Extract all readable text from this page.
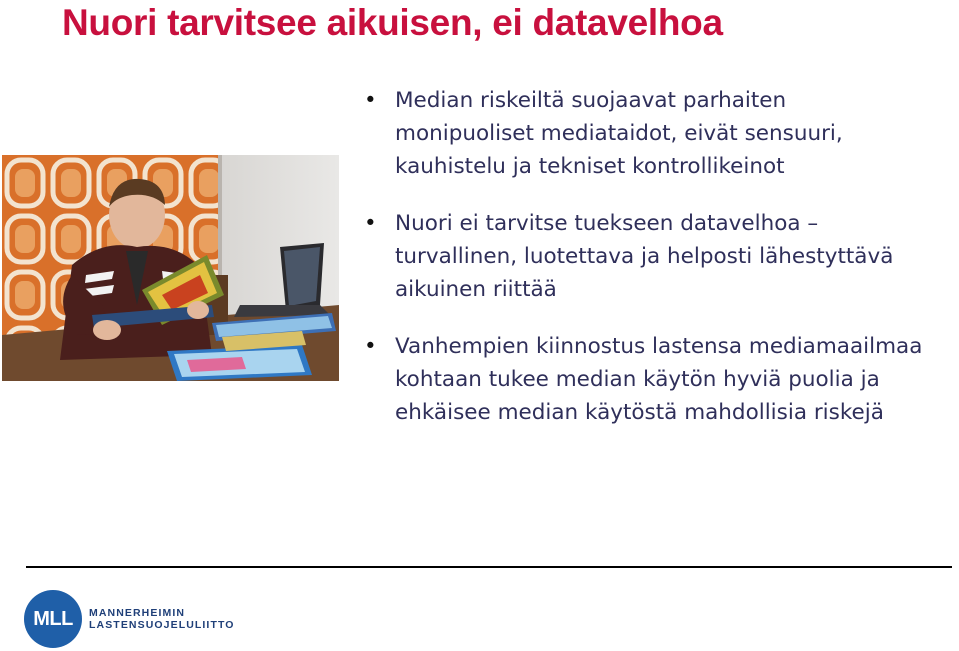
Nuori tarvitsee aikuisen, ei datavelhoa
• Median riskeiltä suojaavat parhaiten
monipuoliset mediataidot, eivät sensuuri,
kauhistelu ja tekniset kontrollikeinot
• Nuori ei tarvitse tuekseen datavelhoa –
turvallinen, luotettava ja helposti lähestyttävä
aikuinen riittää
• Vanhempien kiinnostus lastensa mediamaailmaa
kohtaan tukee median käytön hyviä puolia ja
ehkäisee median käytöstä mahdollisia riskejä
MLL	MANNERHEIMIN
LASTENSUOJELULIITTO
